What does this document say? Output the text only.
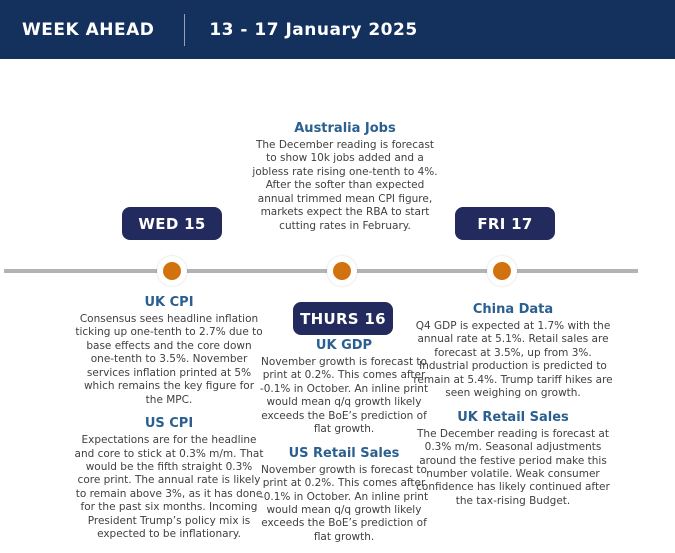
WEEK AHEAD	13 - 17 January 2025
Australia Jobs
The December reading is forecast to show 10k jobs added and a jobless rate rising one-tenth to 4%. After the softer than expected annual trimmed mean CPI figure, markets expect the RBA to start cutting rates in February.
WED 15	FRI 17
THURS 16
UK CPI
Consensus sees headline inflation ticking up one-tenth to 2.7% due to base effects and the core down one-tenth to 3.5%. November services inflation printed at 5% which remains the key figure for the MPC.
US CPI
Expectations are for the headline and core to stick at 0.3% m/m. That would be the fifth straight 0.3% core print. The annual rate is likely to remain above 3%, as it has done for the past six months. Incoming President Trump’s policy mix is expected to be inflationary.
UK GDP
November growth is forecast to print at 0.2%. This comes after -0.1% in October. An inline print would mean q/q growth likely exceeds the BoE’s prediction of flat growth.
US Retail Sales
November growth is forecast to print at 0.2%. This comes after -0.1% in October. An inline print would mean q/q growth likely exceeds the BoE’s prediction of flat growth.
China Data
Q4 GDP is expected at 1.7% with the annual rate at 5.1%. Retail sales are forecast at 3.5%, up from 3%. Industrial production is predicted to remain at 5.4%. Trump tariff hikes are seen weighing on growth.
UK Retail Sales
The December reading is forecast at 0.3% m/m. Seasonal adjustments around the festive period make this number volatile. Weak consumer confidence has likely continued after the tax-rising Budget.
